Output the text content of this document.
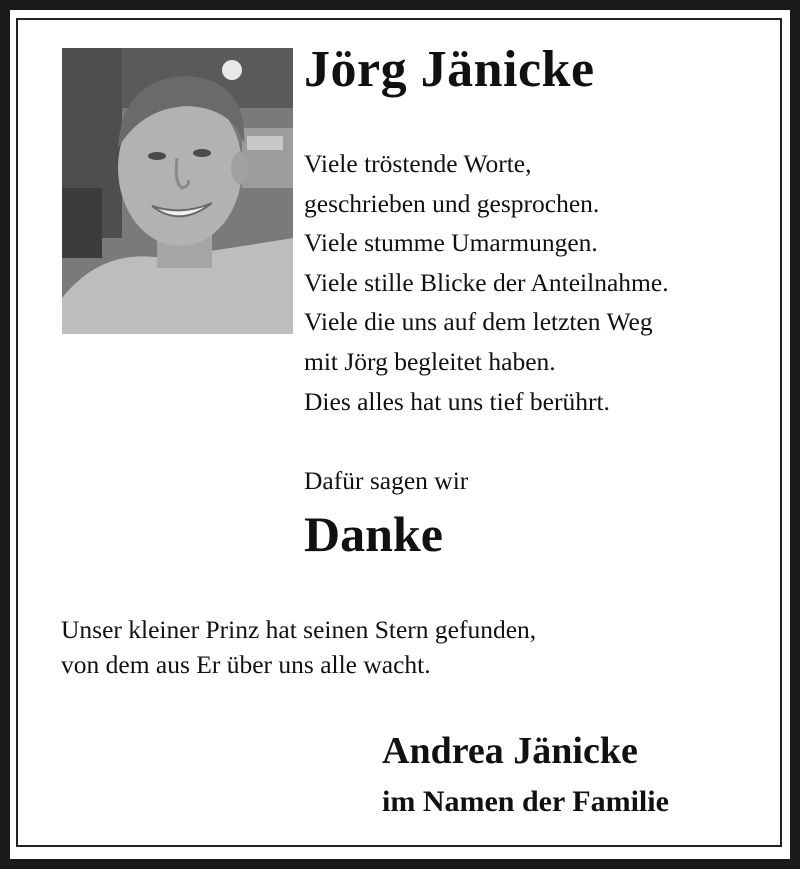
Jörg Jänicke
Viele tröstende Worte,
geschrieben und gesprochen.
Viele stumme Umarmungen.
Viele stille Blicke der Anteilnahme.
Viele die uns auf dem letzten Weg
mit Jörg begleitet haben.
Dies alles hat uns tief berührt.

Dafür sagen wir

Danke

Unser kleiner Prinz hat seinen Stern gefunden,
von dem aus Er über uns alle wacht.

Andrea Jänicke

im Namen der Familie
